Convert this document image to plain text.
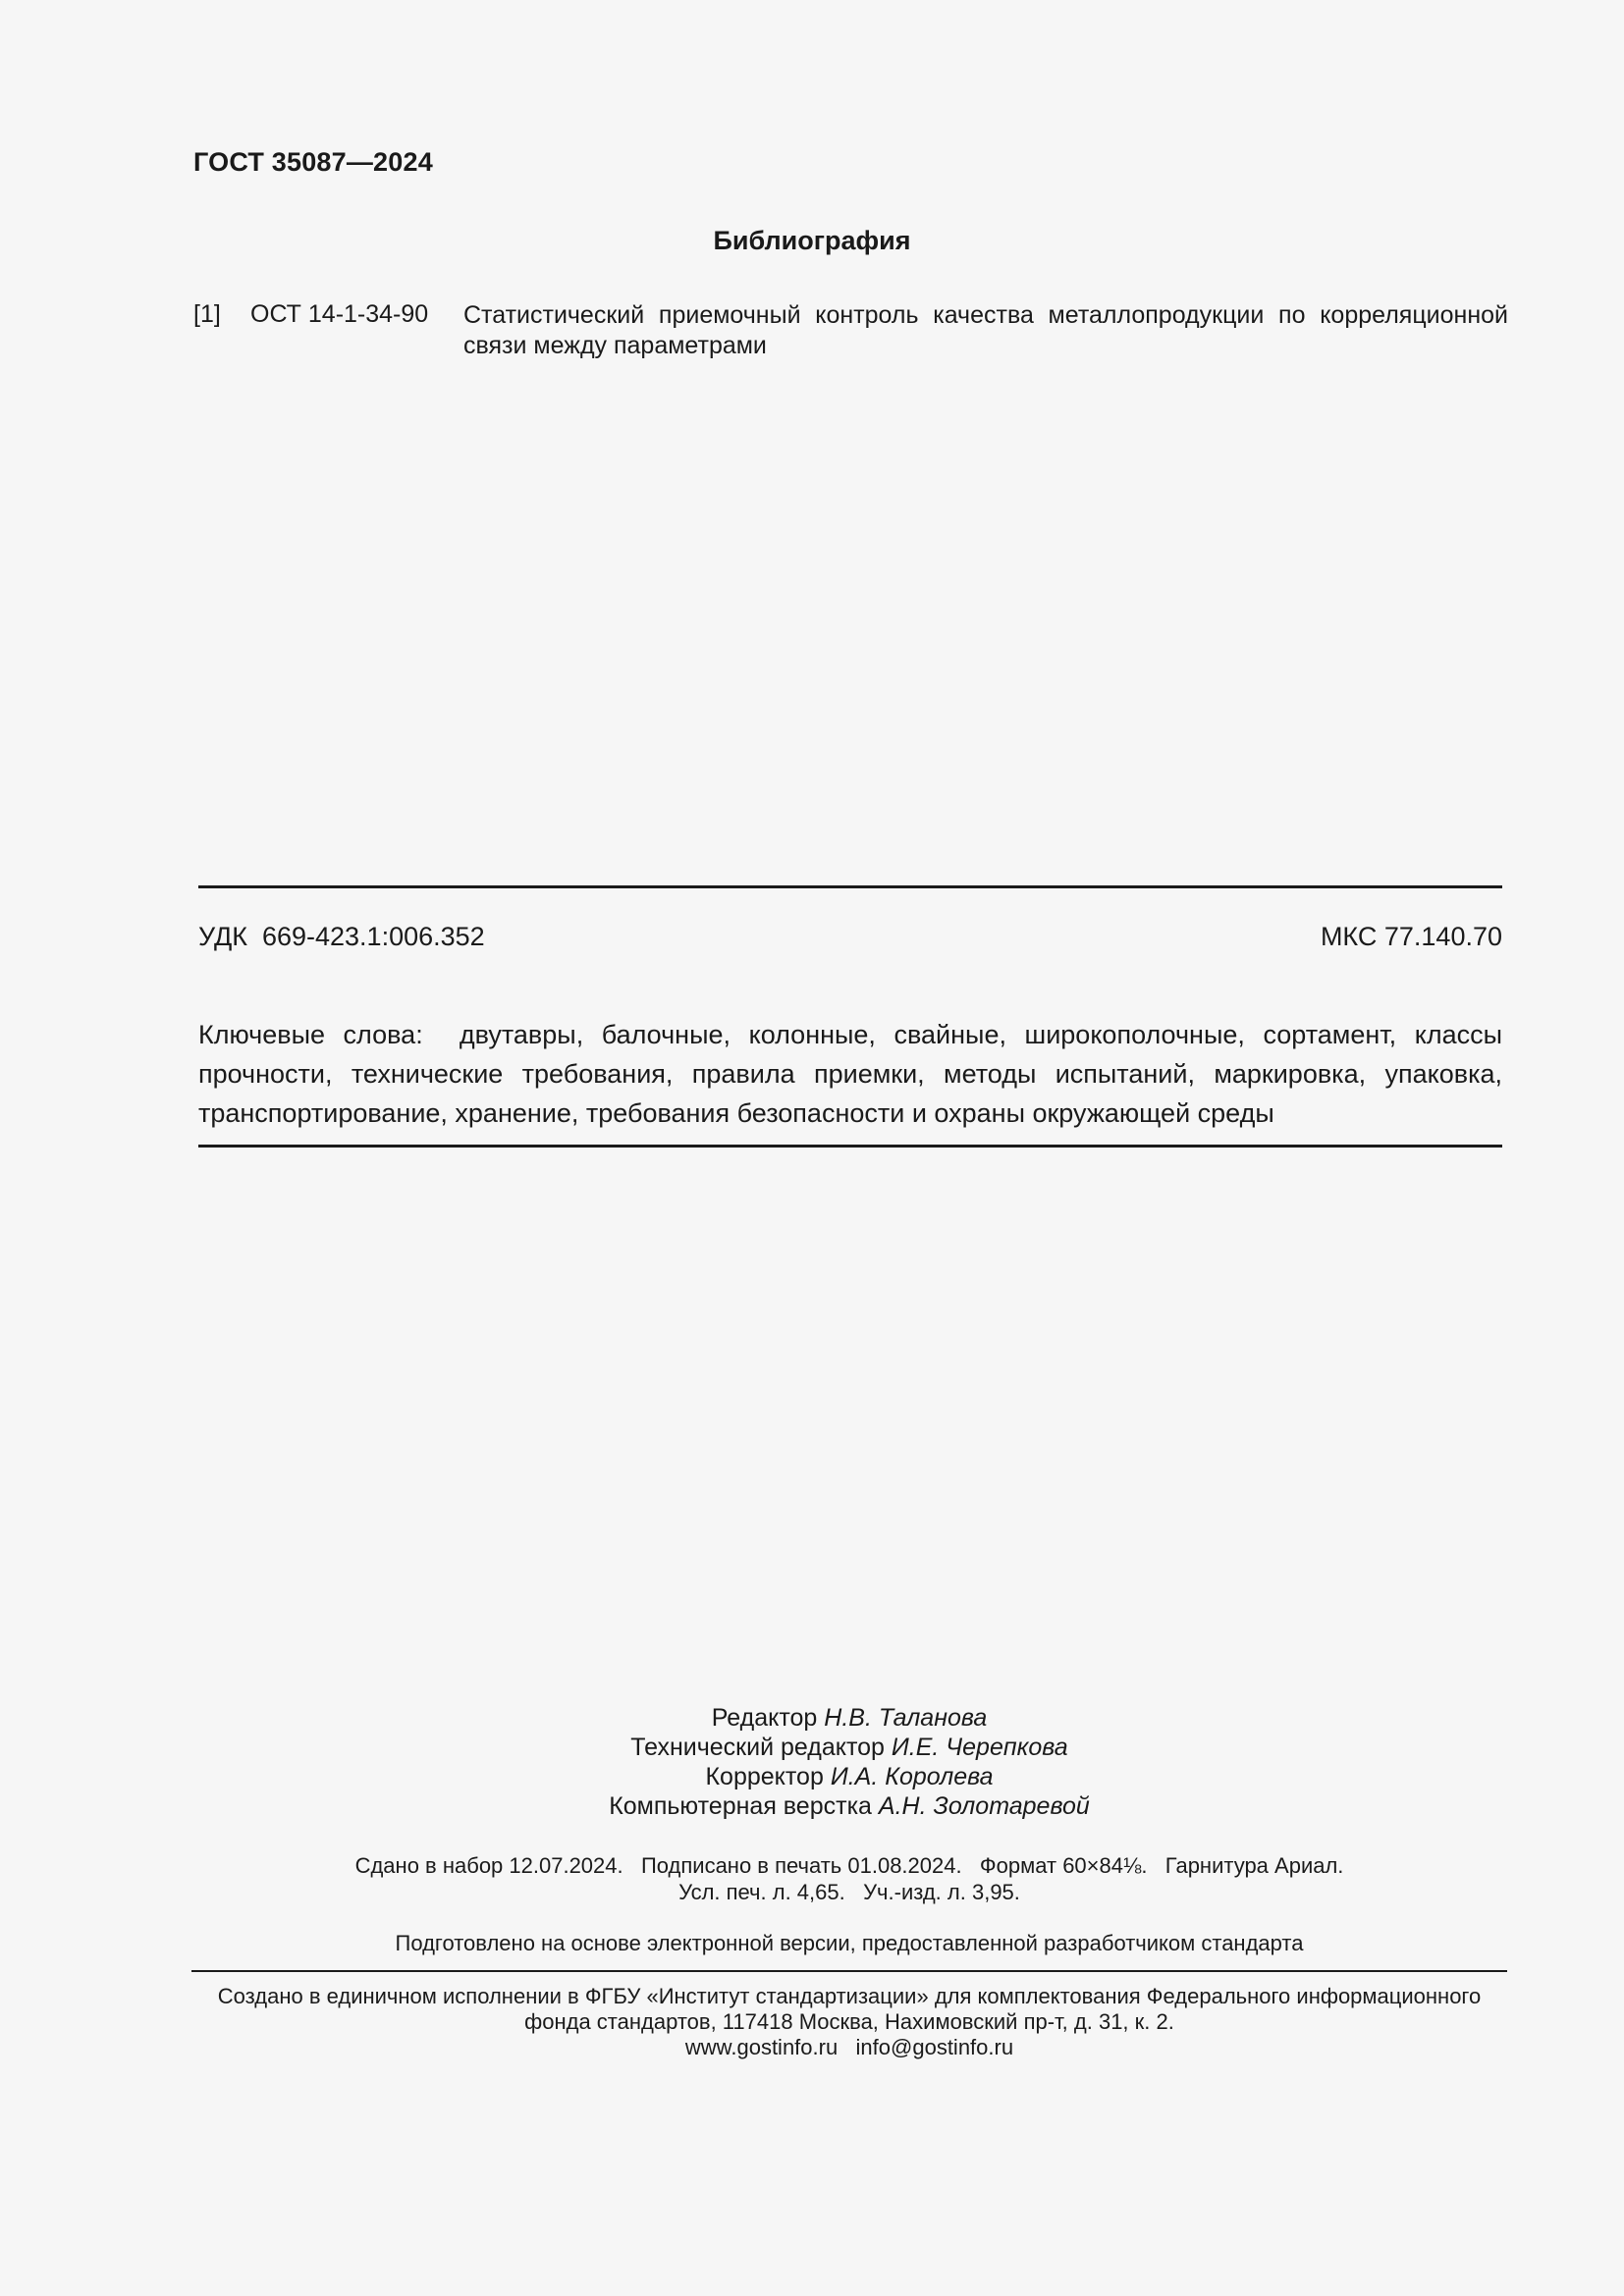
ГОСТ 35087—2024
Библиография
[1] ОСТ 14-1-34-90 Статистический приемочный контроль качества металлопродукции по корреляционной связи между параметрами
УДК 669-423.1:006.352	МКС 77.140.70
Ключевые слова: двутавры, балочные, колонные, свайные, широкополочные, сортамент, классы прочности, технические требования, правила приемки, методы испытаний, маркировка, упаковка, транспортирование, хранение, требования безопасности и охраны окружающей среды
Редактор Н.В. Таланова
Технический редактор И.Е. Черепкова
Корректор И.А. Королева
Компьютерная верстка А.Н. Золотаревой
Сдано в набор 12.07.2024.   Подписано в печать 01.08.2024.   Формат 60×84⅛.   Гарнитура Ариал.
Усл. печ. л. 4,65.   Уч.-изд. л. 3,95.
Подготовлено на основе электронной версии, предоставленной разработчиком стандарта
Создано в единичном исполнении в ФГБУ «Институт стандартизации» для комплектования Федерального информационного
фонда стандартов, 117418 Москва, Нахимовский пр-т, д. 31, к. 2.
www.gostinfo.ru info@gostinfo.ru
